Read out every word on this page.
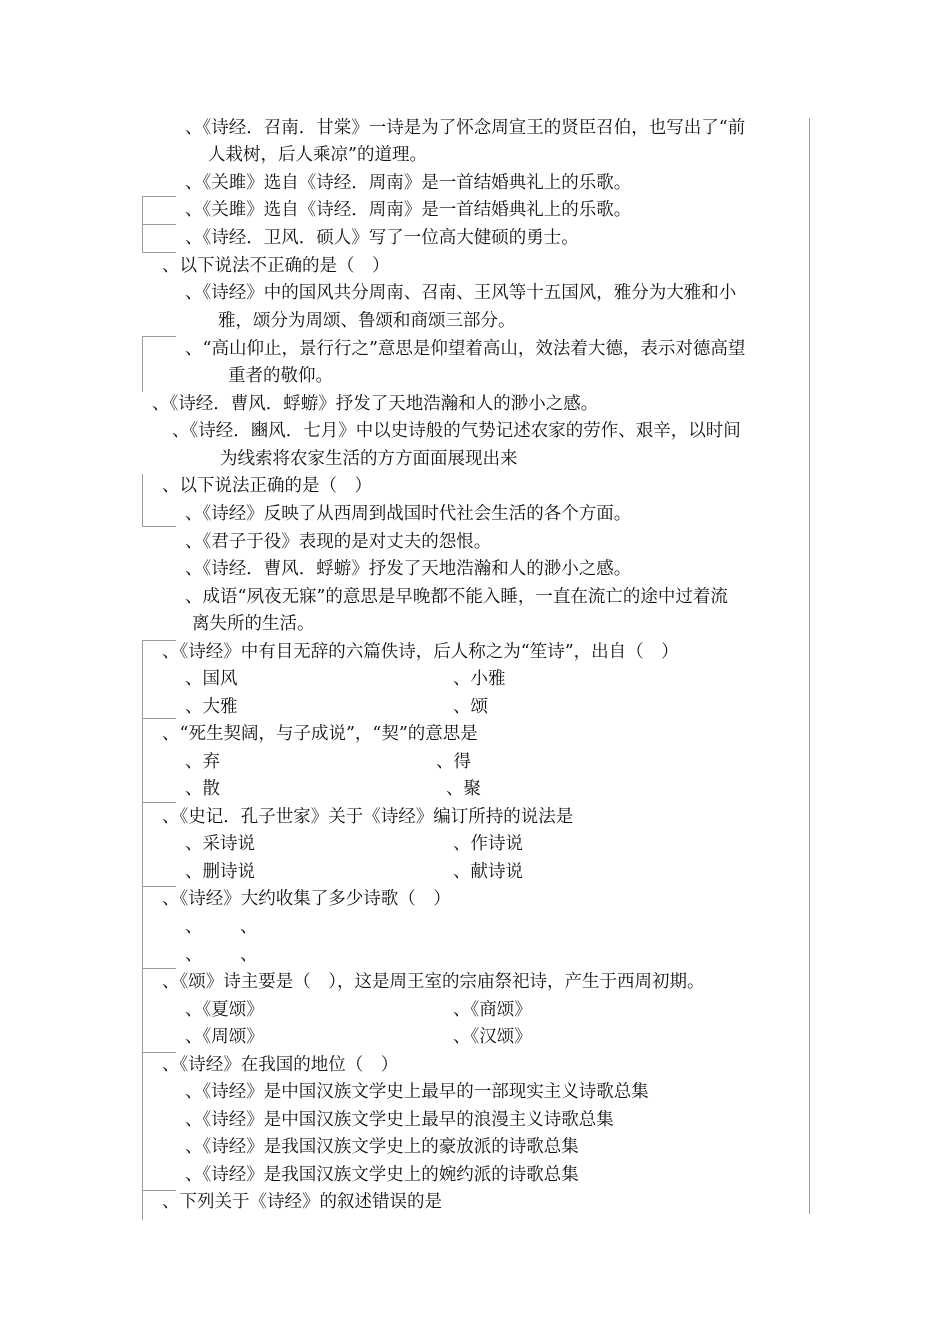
、《诗经．召南．甘棠》一诗是为了怀念周宣王的贤臣召伯，也写出了“前
人栽树，后人乘凉”的道理。
、《关雎》选自《诗经．周南》是一首结婚典礼上的乐歌。
、《关雎》选自《诗经．周南》是一首结婚典礼上的乐歌。
、《诗经．卫风．硕人》写了一位高大健硕的勇士。
、以下说法不正确的是（　）
、《诗经》中的国风共分周南、召南、王风等十五国风，雅分为大雅和小
雅，颂分为周颂、鲁颂和商颂三部分。
、“高山仰止，景行行之”意思是仰望着高山，效法着大德，表示对德高望
重者的敬仰。
、《诗经．曹风．蜉蝣》抒发了天地浩瀚和人的渺小之感。
、《诗经．豳风．七月》中以史诗般的气势记述农家的劳作、艰辛，以时间
为线索将农家生活的方方面面展现出来
、以下说法正确的是（　）
、《诗经》反映了从西周到战国时代社会生活的各个方面。
、《君子于役》表现的是对丈夫的怨恨。
、《诗经．曹风．蜉蝣》抒发了天地浩瀚和人的渺小之感。
、成语“夙夜无寐”的意思是早晚都不能入睡，一直在流亡的途中过着流
离失所的生活。
、《诗经》中有目无辞的六篇佚诗，后人称之为“笙诗”，出自（　）
、国风	、小雅
、大雅	、颂
、“死生契阔，与子成说”，“契”的意思是
、弃	、得
、散	、聚
、《史记．孔子世家》关于《诗经》编订所持的说法是
、采诗说	、作诗说
、删诗说	、献诗说
、《诗经》大约收集了多少诗歌（　）
、 、
、 、
、《颂》诗主要是（　），这是周王室的宗庙祭祀诗，产生于西周初期。
、《夏颂》	、《商颂》
、《周颂》	、《汉颂》
、《诗经》在我国的地位（　）
、《诗经》是中国汉族文学史上最早的一部现实主义诗歌总集
、《诗经》是中国汉族文学史上最早的浪漫主义诗歌总集
、《诗经》是我国汉族文学史上的豪放派的诗歌总集
、《诗经》是我国汉族文学史上的婉约派的诗歌总集
、下列关于《诗经》的叙述错误的是
